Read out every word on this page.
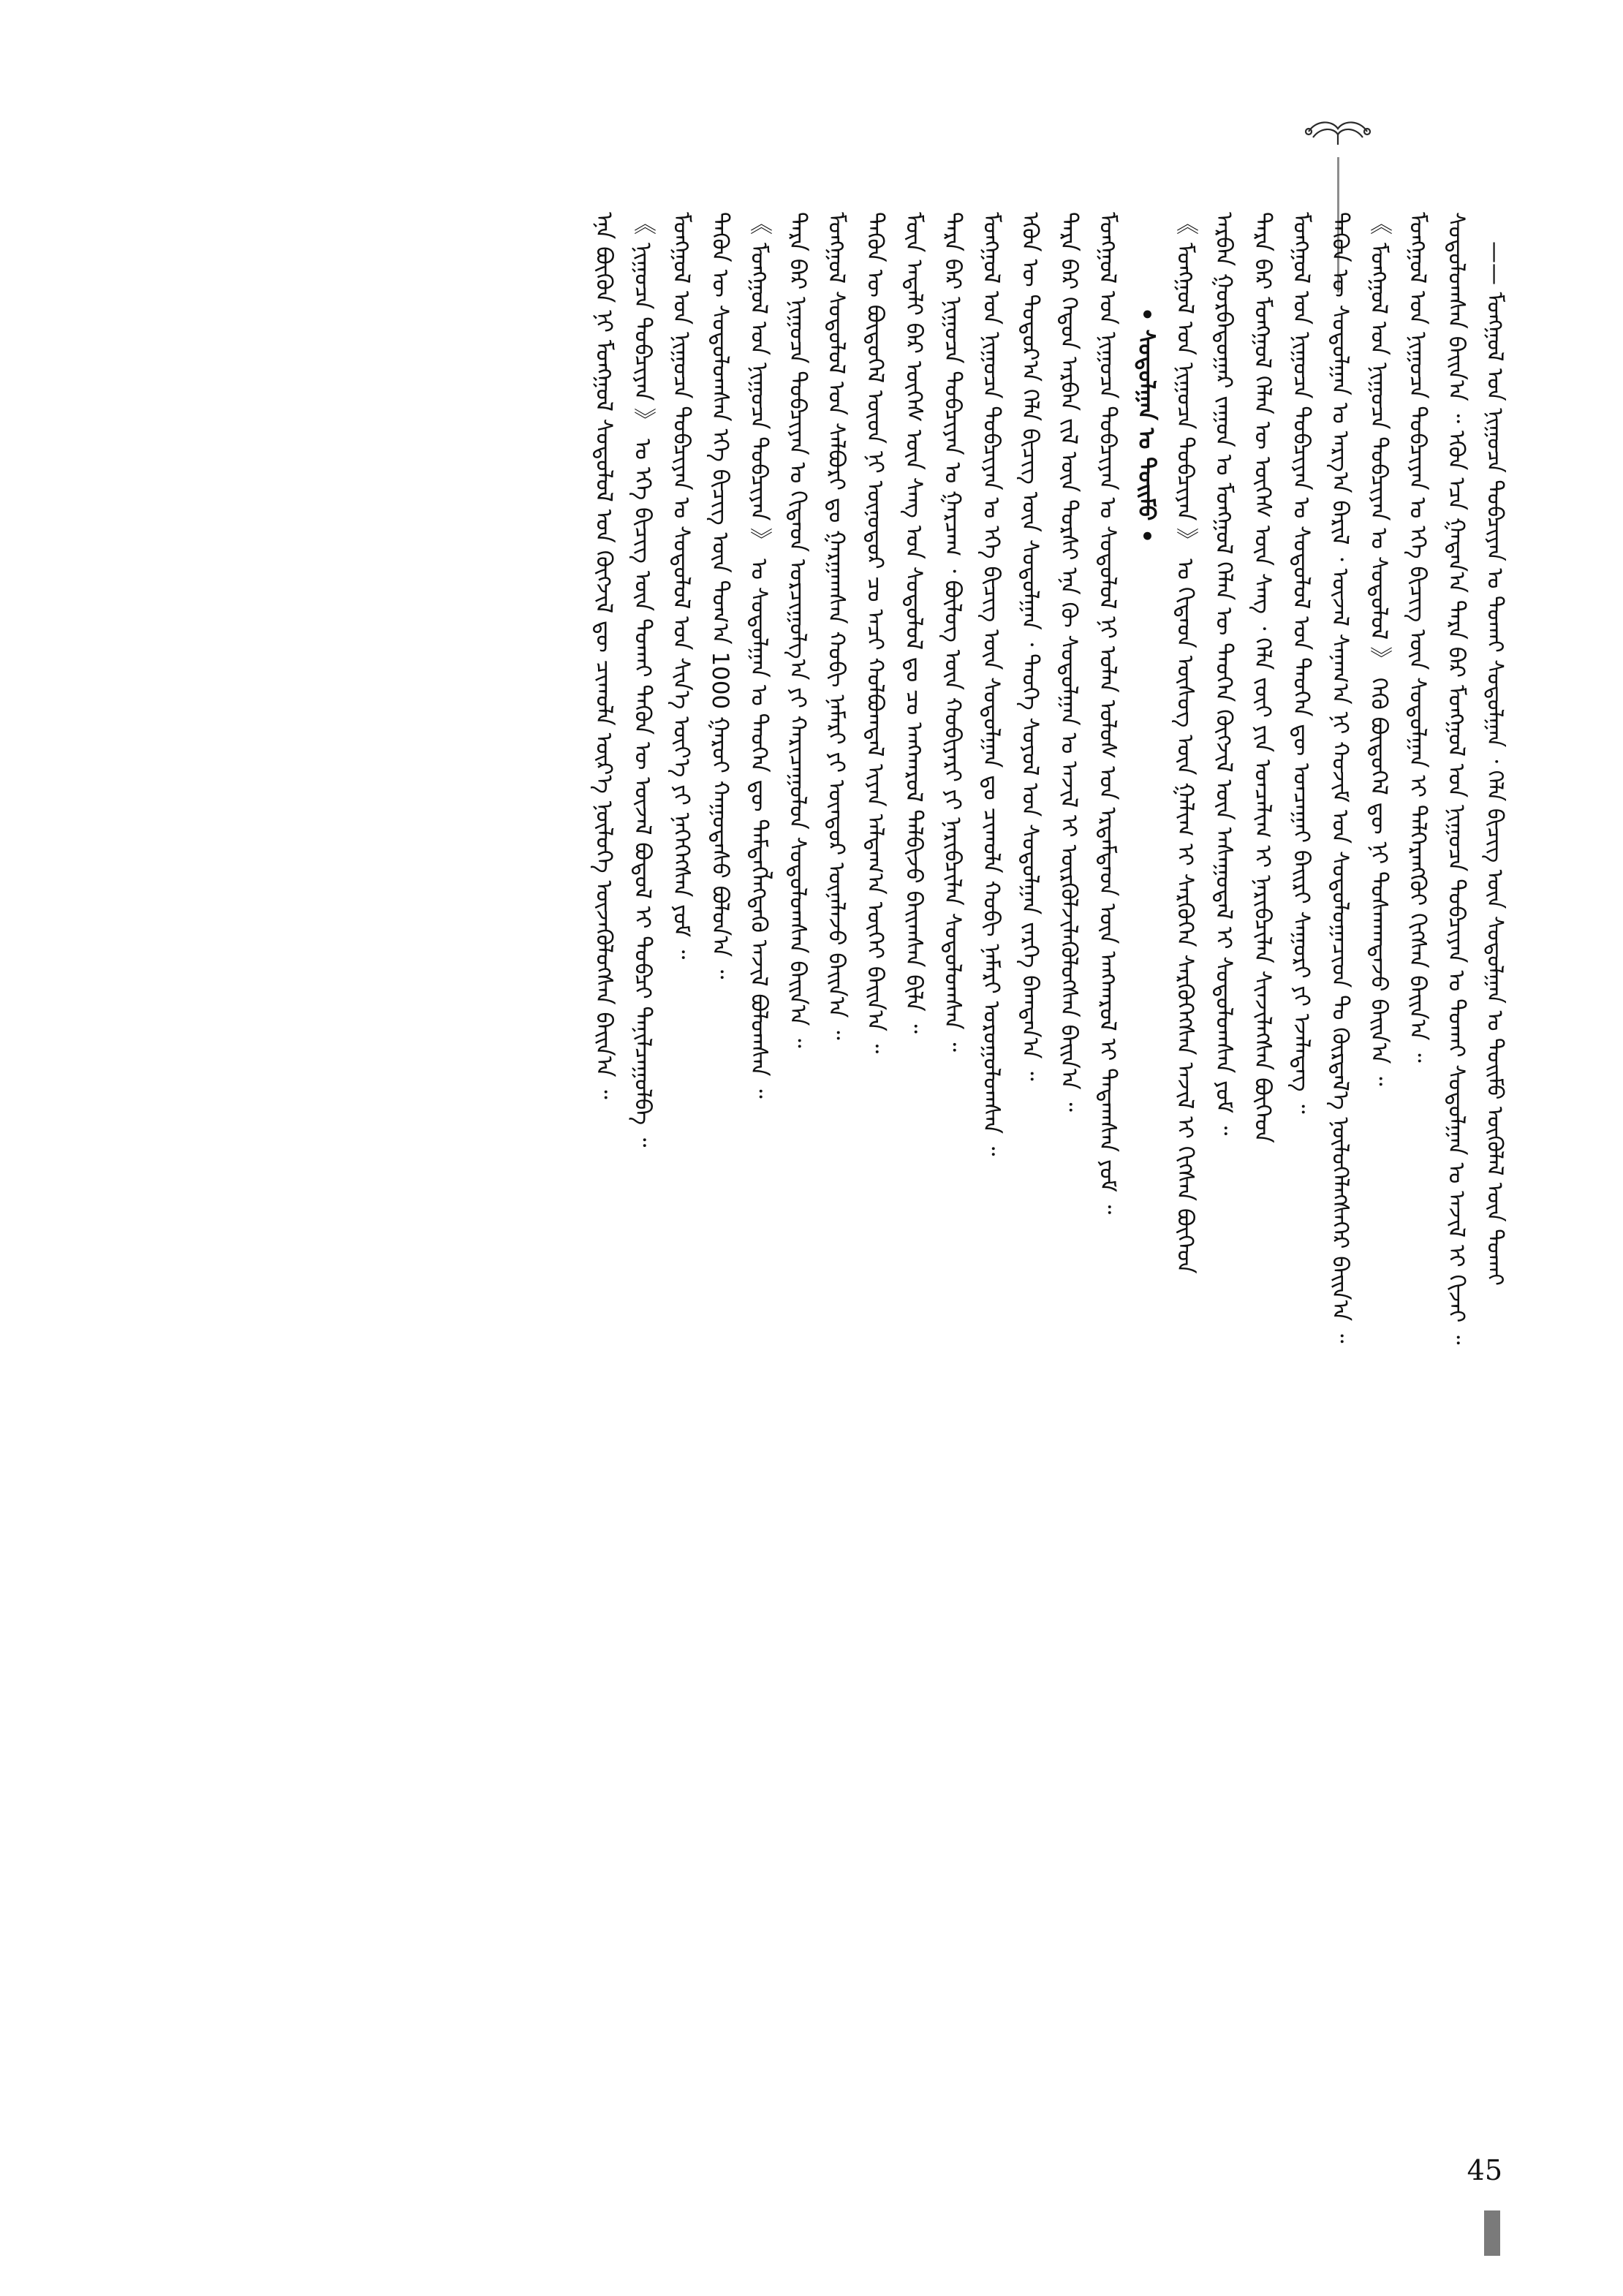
—— ᠮᠣᠩᠭᠣᠯ ᠤᠨ ᠨᠢᠭᠤᠴᠠ ᠲᠣᠪᠴᠢᠶᠠᠨ ᠤ ᠲᠤᠬᠠᠢ ᠰᠤᠳᠤᠯᠭᠠᠨ ᠂ ᠬᠡᠯᠡ ᠪᠢᠴᠢᠭ᠌ ᠦᠨ ᠰᠤᠳᠤᠯᠭᠠᠨ ᠤ ᠲᠣᠢᠮᠤ ᠦᠭᠦᠯᠡᠯ ᠦᠨ ᠲᠤᠬᠠᠢ
ᠰᠤᠳᠤᠯᠤᠭᠰᠠᠨ ᠪᠠᠢᠨ᠎ᠠ ᠃ ᠡᠭᠦᠨ ᠡᠴᠡ ᠭᠠᠳᠠᠨ᠎ᠠ ᠲᠡᠷᠡ ᠪᠡᠷ ᠮᠣᠩᠭᠣᠯ ᠤᠨ ᠨᠢᠭᠤᠴᠠ ᠲᠣᠪᠴᠢᠶᠠᠨ ᠤ ᠲᠤᠬᠠᠢ ᠰᠤᠳᠤᠯᠭᠠᠨ ᠤ ᠠᠵᠢᠯ ᠢ ᠬᠢᠵᠡᠢ ᠃
ᠮᠣᠩᠭᠣᠯ ᠤᠨ ᠨᠢᠭᠤᠴᠠ ᠲᠣᠪᠴᠢᠶᠠᠨ ᠤ ᠡᠬᠡ ᠪᠢᠴᠢᠭ᠌ ᠦᠨ ᠰᠤᠳᠤᠯᠭᠠᠨ ᠢ ᠳᠡᠯᠭᠡᠷᠡᠩᠭᠦᠢ ᠬᠢᠭᠰᠡᠨ ᠪᠠᠢᠨ᠎ᠠ ᠃
《 ᠮᠣᠩᠭᠣᠯ ᠤᠨ ᠨᠢᠭᠤᠴᠠ ᠲᠣᠪᠴᠢᠶᠠᠨ ᠤ ᠰᠤᠳᠤᠯᠤᠯ 》 ᠭᠡᠬᠦ ᠪᠦᠲᠦᠭᠡᠯ ᠳᠦ ᠨᠢ ᠲᠤᠰᠬᠠᠭᠳᠠᠵᠤ ᠪᠠᠢᠨ᠎ᠠ ᠃
ᠲᠡᠭᠦᠨ ᠦ ᠰᠤᠳᠤᠯᠭᠠᠨ ᠤ ᠠᠷᠭ᠎ᠠ ᠪᠠᠷᠢᠯ ᠂ ᠦᠵᠡᠯ ᠰᠠᠨᠠᠭ᠎ᠠ ᠨᠢ ᠬᠣᠵᠢᠮ ᠤᠨ ᠰᠤᠳᠤᠯᠤᠭᠠᠴᠢᠳ ᠲᠤ ᠬᠦᠷᠲᠡᠯ᠎ᠡ ᠨᠥᠯᠦᠭᠡᠯᠡᠭᠰᠡᠭᠡᠷ ᠪᠠᠢᠨ᠎ᠠ ᠃
ᠮᠣᠩᠭᠣᠯ ᠤᠨ ᠨᠢᠭᠤᠴᠠ ᠲᠣᠪᠴᠢᠶᠠᠨ ᠤ ᠰᠤᠳᠤᠯᠤᠯ ᠤᠨ ᠲᠡᠦᠬᠡᠨ ᠳᠦ ᠣᠨᠴᠠᠭᠠᠢ ᠪᠠᠢᠷᠢ ᠰᠠᠭᠤᠷᠢ ᠶᠢ ᠡᠵᠡᠯᠡᠳᠡᠭ ᠃
ᠲᠡᠷᠡ ᠪᠡᠷ ᠮᠣᠩᠭᠣᠯ ᠬᠡᠯᠡᠨ ᠦ ᠦᠭᠡᠰ ᠦᠨ ᠰᠠᠩ ᠂ ᠬᠡᠯᠡ ᠵᠦᠢ ᠶᠢᠨ ᠣᠨᠴᠠᠯᠢᠭ ᠢ ᠨᠠᠷᠢᠪᠴᠢᠯᠠᠨ ᠰᠢᠨᠵᠢᠯᠡᠭᠰᠡᠨ ᠪᠥᠭᠡᠳ
ᠠᠷᠪᠠᠨ ᠭᠤᠷᠪᠠᠳᠤᠭᠠᠷ ᠵᠠᠭᠤᠨ ᠤ ᠮᠣᠩᠭᠣᠯ ᠬᠡᠯᠡᠨ ᠦ ᠲᠡᠦᠬᠡᠨ ᠬᠥᠭᠵᠢᠯ ᠦᠨ ᠠᠰᠠᠭᠤᠳᠠᠯ ᠢ ᠰᠤᠳᠤᠯᠤᠭᠰᠠᠨ ᠶᠤᠮ ᠃
《 ᠮᠣᠩᠭᠣᠯ ᠤᠨ ᠨᠢᠭᠤᠴᠠ ᠲᠣᠪᠴᠢᠶᠠᠨ 》 ᠤ ᠬᠢᠲᠠᠳ ᠦᠰᠦᠭ ᠦᠨ ᠭᠠᠯᠢᠭ ᠢ ᠰᠡᠷᠭᠦᠭᠡᠨ ᠰᠡᠷᠭᠦᠭᠡᠭᠰᠡᠨ ᠠᠵᠢᠯ ᠢ ᠬᠢᠭᠰᠡᠨ ᠪᠥᠭᠡᠳ
• ᠰᠤᠳᠤᠯᠭᠠᠨ ᠤ ᠲᠣᠢᠮᠤ •
ᠮᠣᠩᠭᠣᠯ ᠤᠨ ᠨᠢᠭᠤᠴᠠ ᠲᠣᠪᠴᠢᠶᠠᠨ ᠤ ᠰᠤᠳᠤᠯᠤᠯ ᠨᠢ ᠣᠯᠠᠨ ᠤᠯᠤᠰ ᠤᠨ ᠡᠷᠳᠡᠮᠲᠡᠳ ᠦᠨ ᠠᠩᠬᠠᠷᠤᠯ ᠢ ᠲᠠᠲᠠᠭᠰᠠᠨ ᠶᠤᠮ ᠃
ᠲᠡᠷᠡ ᠪᠡᠷ ᠬᠡᠳᠦᠨ ᠠᠷᠪᠠᠨ ᠵᠢᠯ ᠦᠨ ᠲᠤᠷᠰᠢ ᠡᠨᠡ ᠬᠦ ᠰᠤᠳᠤᠯᠭᠠᠨ ᠤ ᠠᠵᠢᠯ ᠢ ᠦᠷᠭᠦᠯᠵᠢᠯᠡᠭᠦᠯᠦᠭᠰᠡᠨ ᠪᠠᠢᠨ᠎ᠠ ᠃
ᠡᠭᠦᠨ ᠦ ᠳᠣᠲᠣᠷ᠎ᠠ ᠬᠡᠯᠡ ᠪᠢᠴᠢᠭ᠌ ᠦᠨ ᠰᠤᠳᠤᠯᠭᠠᠨ ᠂ ᠲᠡᠦᠬᠡ ᠰᠤᠶᠤᠯ ᠤᠨ ᠰᠤᠳᠤᠯᠭᠠᠨ ᠵᠡᠷᠭᠡ ᠪᠠᠭᠲᠠᠨ᠎ᠠ ᠃
ᠮᠣᠩᠭᠣᠯ ᠤᠨ ᠨᠢᠭᠤᠴᠠ ᠲᠣᠪᠴᠢᠶᠠᠨ ᠤ ᠡᠬᠡ ᠪᠢᠴᠢᠭ᠌ ᠦᠨ ᠰᠤᠳᠤᠯᠭᠠᠨ ᠳᠤ ᠴᠢᠬᠤᠯᠠ ᠬᠤᠪᠢ ᠨᠡᠮᠡᠷᠢ ᠣᠷᠤᠭᠤᠯᠤᠭᠰᠠᠨ ᠃
ᠲᠡᠷᠡ ᠪᠡᠷ ᠨᠢᠭᠤᠴᠠ ᠲᠣᠪᠴᠢᠶᠠᠨ ᠤ ᠭᠠᠷᠴᠠᠭ ᠂ ᠪᠦᠯᠦᠭ ᠦᠨ ᠬᠤᠪᠢᠶᠠᠷᠢ ᠶᠢ ᠨᠠᠷᠢᠪᠴᠢᠯᠠᠨ ᠰᠤᠳᠤᠯᠤᠭᠰᠠᠨ ᠃
ᠮᠥᠨ ᠠᠳᠠᠯᠢ ᠪᠠᠷ ᠦᠭᠡᠰ ᠦᠨ ᠰᠠᠩ ᠤᠨ ᠰᠤᠳᠤᠯᠤᠯ ᠳᠤ ᠴᠤ ᠠᠩᠬᠠᠷᠤᠯ ᠲᠠᠯᠪᠢᠵᠤ ᠪᠠᠢᠭᠰᠠᠨ ᠪᠢᠯᠡ ᠃
ᠲᠡᠭᠦᠨ ᠦ ᠪᠦᠲᠦᠭᠡᠯ ᠦᠳ ᠨᠢ ᠥᠨᠥᠳᠦᠷ ᠴᠤ ᠠᠴᠢ ᠬᠣᠯᠪᠤᠭᠳᠠᠯ ᠢᠶᠠᠨ ᠠᠯᠳᠠᠭ᠎ᠠ ᠦᠭᠡᠢ ᠪᠠᠢᠨ᠎ᠠ ᠃
ᠮᠣᠩᠭᠣᠯ ᠰᠤᠳᠤᠯᠤᠯ ᠤᠨ ᠰᠠᠯᠪᠤᠷᠢ ᠳᠤ ᠭᠠᠷᠭᠠᠭᠰᠠᠨ ᠬᠤᠪᠢ ᠨᠡᠮᠡᠷᠢ ᠶᠢ ᠥᠨᠳᠦᠷ ᠦᠨᠡᠯᠡᠵᠦ ᠪᠠᠢᠨ᠎ᠠ ᠃
ᠲᠡᠷᠡ ᠪᠡᠷ ᠨᠢᠭᠤᠴᠠ ᠲᠣᠪᠴᠢᠶᠠᠨ ᠤ ᠬᠢᠲᠠᠳ ᠣᠷᠴᠢᠭᠤᠯᠭ᠎ᠠ ᠶᠢ ᠬᠠᠷᠢᠴᠠᠭᠤᠯᠤᠨ ᠰᠤᠳᠤᠯᠤᠭᠰᠠᠨ ᠪᠠᠢᠨ᠎ᠠ ᠃
《 ᠮᠣᠩᠭᠣᠯ ᠤᠨ ᠨᠢᠭᠤᠴᠠ ᠲᠣᠪᠴᠢᠶᠠᠨ 》 ᠤ ᠰᠤᠳᠤᠯᠭᠠᠨ ᠤ ᠲᠡᠦᠬᠡᠨ ᠳᠦ ᠲᠡᠮᠳᠡᠭᠯᠡᠭᠳᠡᠬᠦ ᠠᠵᠢᠯ ᠪᠣᠯᠤᠭᠰᠠᠨ ᠃
ᠲᠡᠭᠦᠨ ᠦ ᠰᠤᠳᠤᠯᠤᠭᠰᠠᠨ ᠡᠬᠡ ᠪᠢᠴᠢᠭ᠌ ᠦᠨ ᠲᠣᠭ᠎ᠠ 1000 ᠭᠠᠷᠤᠢ ᠬᠠᠭᠤᠳᠠᠰᠤ ᠪᠣᠯᠤᠨ᠎ᠠ ᠃
ᠮᠣᠩᠭᠣᠯ ᠤᠨ ᠨᠢᠭᠤᠴᠠ ᠲᠣᠪᠴᠢᠶᠠᠨ ᠤ ᠰᠤᠳᠤᠯᠤᠯ ᠤᠨ ᠰᠢᠨ᠎ᠡ ᠦᠶ᠎ᠡ ᠶᠢ ᠨᠡᠭᠡᠭᠡᠭᠰᠡᠨ ᠶᠤᠮ ᠃
《 ᠨᠢᠭᠤᠴᠠ ᠲᠣᠪᠴᠢᠶᠠᠨ 》 ᠤ ᠡᠬᠡ ᠪᠢᠴᠢᠭ᠌ ᠦᠨ ᠲᠤᠬᠠᠢ ᠲᠡᠭᠦᠨ ᠦ ᠦᠵᠡᠯ ᠪᠣᠳᠣᠯ ᠢ ᠲᠣᠪᠴᠢ ᠲᠠᠨᠢᠯᠴᠠᠭᠤᠯᠪᠠ ᠃
ᠡᠨᠡ ᠪᠦᠬᠦᠨ ᠨᠢ ᠮᠣᠩᠭᠣᠯ ᠰᠤᠳᠤᠯᠤᠯ ᠤᠨ ᠬᠥᠭᠵᠢᠯ ᠳᠦ ᠴᠢᠬᠤᠯᠠ ᠦᠷ᠎ᠡ ᠨᠥᠯᠦᠭᠡ ᠦᠵᠡᠭᠦᠯᠦᠭᠰᠡᠨ ᠪᠠᠢᠨ᠎ᠠ ᠃
45
